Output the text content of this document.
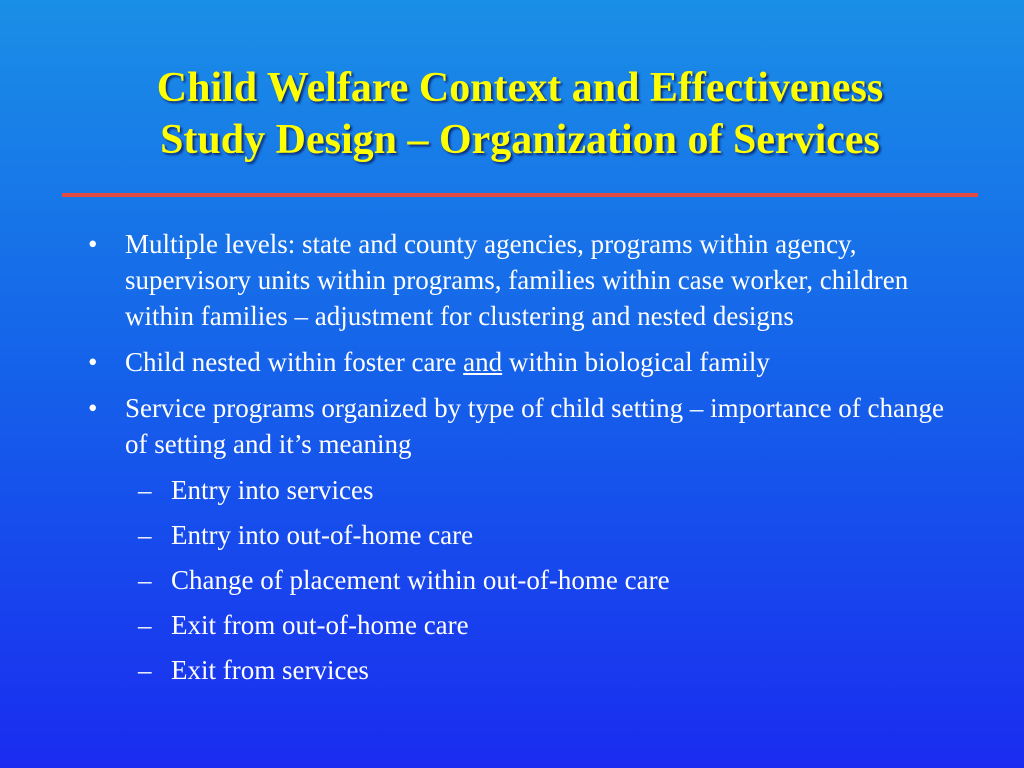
Child Welfare Context and Effectiveness
Study Design – Organization of Services
• Multiple levels: state and county agencies, programs within agency, supervisory units within programs, families within case worker, children within families – adjustment for clustering and nested designs
• Child nested within foster care and within biological family
• Service programs organized by type of child setting – importance of change of setting and it’s meaning
– Entry into services
– Entry into out-of-home care
– Change of placement within out-of-home care
– Exit from out-of-home care
– Exit from services
